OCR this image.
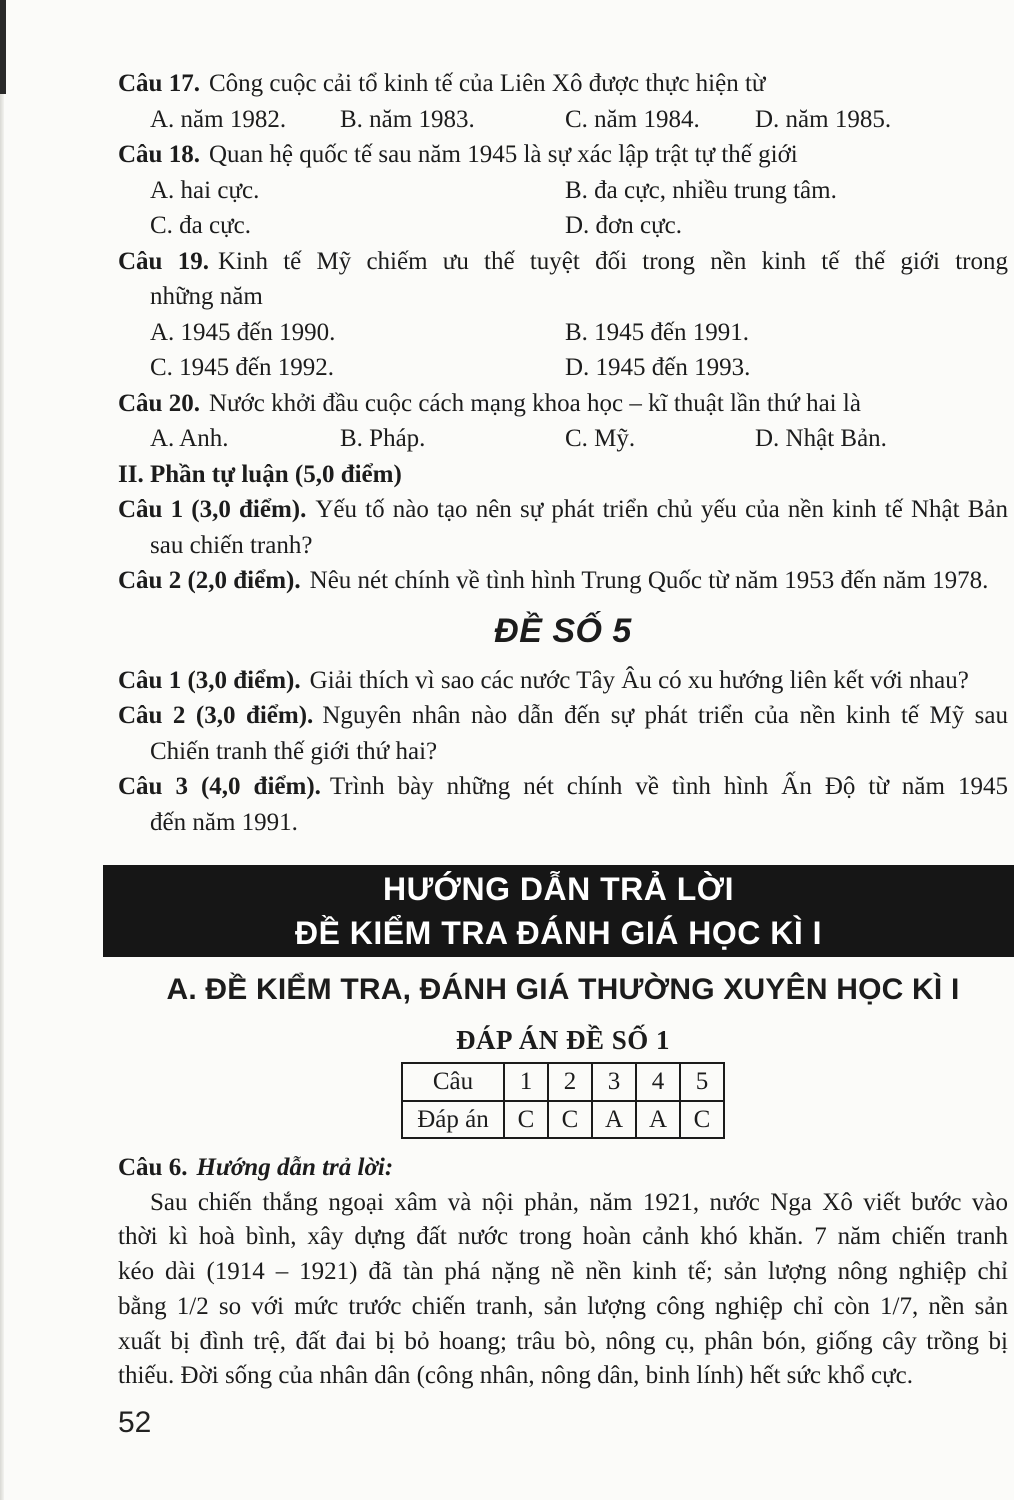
Câu 17. Công cuộc cải tổ kinh tế của Liên Xô được thực hiện từ
A. năm 1982.	B. năm 1983.	C. năm 1984.	D. năm 1985.
Câu 18. Quan hệ quốc tế sau năm 1945 là sự xác lập trật tự thế giới
A. hai cực.	B. đa cực, nhiều trung tâm.
C. đa cực.	D. đơn cực.
Câu 19. Kinh tế Mỹ chiếm ưu thế tuyệt đối trong nền kinh tế thế giới trong
những năm
A. 1945 đến 1990.	B. 1945 đến 1991.
C. 1945 đến 1992.	D. 1945 đến 1993.
Câu 20. Nước khởi đầu cuộc cách mạng khoa học – kĩ thuật lần thứ hai là
A. Anh.	B. Pháp.	C. Mỹ.	D. Nhật Bản.
II. Phần tự luận (5,0 điểm)
Câu 1 (3,0 điểm). Yếu tố nào tạo nên sự phát triển chủ yếu của nền kinh tế Nhật Bản
sau chiến tranh?
Câu 2 (2,0 điểm). Nêu nét chính về tình hình Trung Quốc từ năm 1953 đến năm 1978.
ĐỀ SỐ 5
Câu 1 (3,0 điểm). Giải thích vì sao các nước Tây Âu có xu hướng liên kết với nhau?
Câu 2 (3,0 điểm). Nguyên nhân nào dẫn đến sự phát triển của nền kinh tế Mỹ sau
Chiến tranh thế giới thứ hai?
Câu 3 (4,0 điểm). Trình bày những nét chính về tình hình Ấn Độ từ năm 1945
đến năm 1991.
HƯỚNG DẪN TRẢ LỜI
ĐỀ KIỂM TRA ĐÁNH GIÁ HỌC KÌ I
A. ĐỀ KIỂM TRA, ĐÁNH GIÁ THƯỜNG XUYÊN HỌC KÌ I
ĐÁP ÁN ĐỀ SỐ 1
Câu	1	2	3	4	5
Đáp án	C	C	A	A	C
Câu 6. Hướng dẫn trả lời:
Sau chiến thắng ngoại xâm và nội phản, năm 1921, nước Nga Xô viết bước vào
thời kì hoà bình, xây dựng đất nước trong hoàn cảnh khó khăn. 7 năm chiến tranh
kéo dài (1914 – 1921) đã tàn phá nặng nề nền kinh tế; sản lượng nông nghiệp chỉ
bằng 1/2 so với mức trước chiến tranh, sản lượng công nghiệp chỉ còn 1/7, nền sản
xuất bị đình trệ, đất đai bị bỏ hoang; trâu bò, nông cụ, phân bón, giống cây trồng bị
thiếu. Đời sống của nhân dân (công nhân, nông dân, binh lính) hết sức khổ cực.
52
